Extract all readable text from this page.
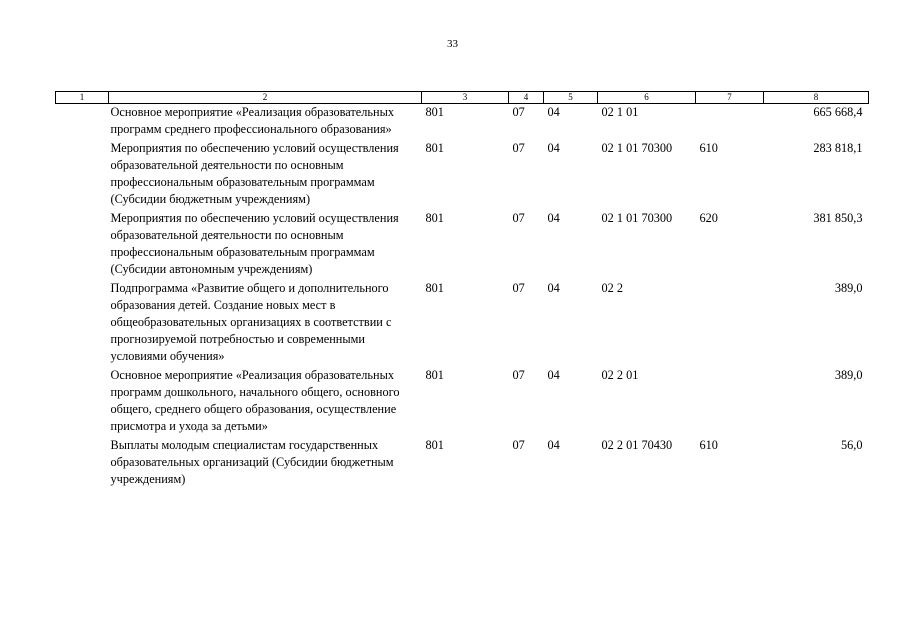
33
1	2	3	4	5	6	7	8
	Основное мероприятие «Реализация образовательных программ среднего профессионального образования»	801	07	04	02 1 01		665 668,4
	Мероприятия по обеспечению условий осуществления образовательной деятельности по основным профессиональным образовательным программам (Субсидии бюджетным учреждениям)	801	07	04	02 1 01 70300	610	283 818,1
	Мероприятия по обеспечению условий осуществления образовательной деятельности по основным профессиональным образовательным программам (Субсидии автономным учреждениям)	801	07	04	02 1 01 70300	620	381 850,3
	Подпрограмма «Развитие общего и дополнительного образования детей. Создание новых мест в общеобразовательных организациях в соответствии с прогнозируемой потребностью и современными условиями обучения»	801	07	04	02 2		389,0
	Основное мероприятие «Реализация образовательных программ дошкольного, начального общего, основного общего, среднего общего образования, осуществление присмотра и ухода за детьми»	801	07	04	02 2 01		389,0
	Выплаты молодым специалистам государственных образовательных организаций (Субсидии бюджетным учреждениям)	801	07	04	02 2 01 70430	610	56,0
